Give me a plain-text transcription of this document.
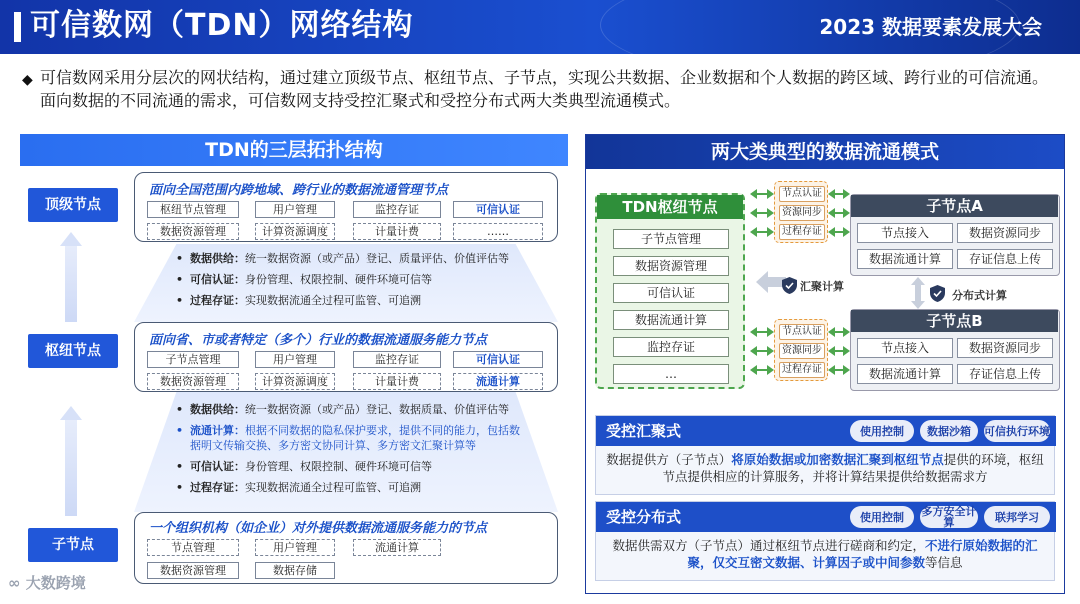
可信数网（TDN）网络结构	2023 数据要素发展大会
◆ 可信数网采用分层次的网状结构，通过建立顶级节点、枢纽节点、子节点，实现公共数据、企业数据和个人数据的跨区域、跨行业的可信流通。面向数据的不同流通的需求，可信数网支持受控汇聚式和受控分布式两大类典型流通模式。
TDN的三层拓扑结构
顶级节点
枢纽节点
子节点
面向全国范围内跨地域、跨行业的数据流通管理节点
枢纽节点管理	用户管理	监控存证	可信认证
数据资源管理	计算资源调度	计量计费	……
• 数据供给：统一数据资源（或产品）登记、质量评估、价值评估等
• 可信认证：身份管理、权限控制、硬件环境可信等
• 过程存证：实现数据流通全过程可监管、可追溯
面向省、市或者特定（多个）行业的数据流通服务能力节点
子节点管理	用户管理	监控存证	可信认证
数据资源管理	计算资源调度	计量计费	流通计算
• 数据供给：统一数据资源（或产品）登记、数据质量、价值评估等
• 流通计算：根据不同数据的隐私保护要求，提供不同的能力，包括数据明文传输交换、多方密文协同计算、多方密文汇聚计算等
• 可信认证：身份管理、权限控制、硬件环境可信等
• 过程存证：实现数据流通全过程可监管、可追溯
一个组织机构（如企业）对外提供数据流通服务能力的节点
节点管理	用户管理	流通计算
数据资源管理	数据存储
两大类典型的数据流通模式
TDN枢纽节点
子节点管理
数据资源管理
可信认证
数据流通计算
监控存证
…
节点认证
资源同步
过程存证
节点认证
资源同步
过程存证
子节点A
节点接入	数据资源同步
数据流通计算	存证信息上传
子节点B
节点接入	数据资源同步
数据流通计算	存证信息上传
汇聚计算
分布式计算
受控汇聚式	使用控制	数据沙箱	可信执行环境
数据提供方（子节点）将原始数据或加密数据汇聚到枢纽节点提供的环境，枢纽节点提供相应的计算服务，并将计算结果提供给数据需求方
受控分布式	使用控制	多方安全计算	联邦学习
数据供需双方（子节点）通过枢纽节点进行磋商和约定，不进行原始数据的汇聚，仅交互密文数据、计算因子或中间参数等信息
∞ 大数跨境
